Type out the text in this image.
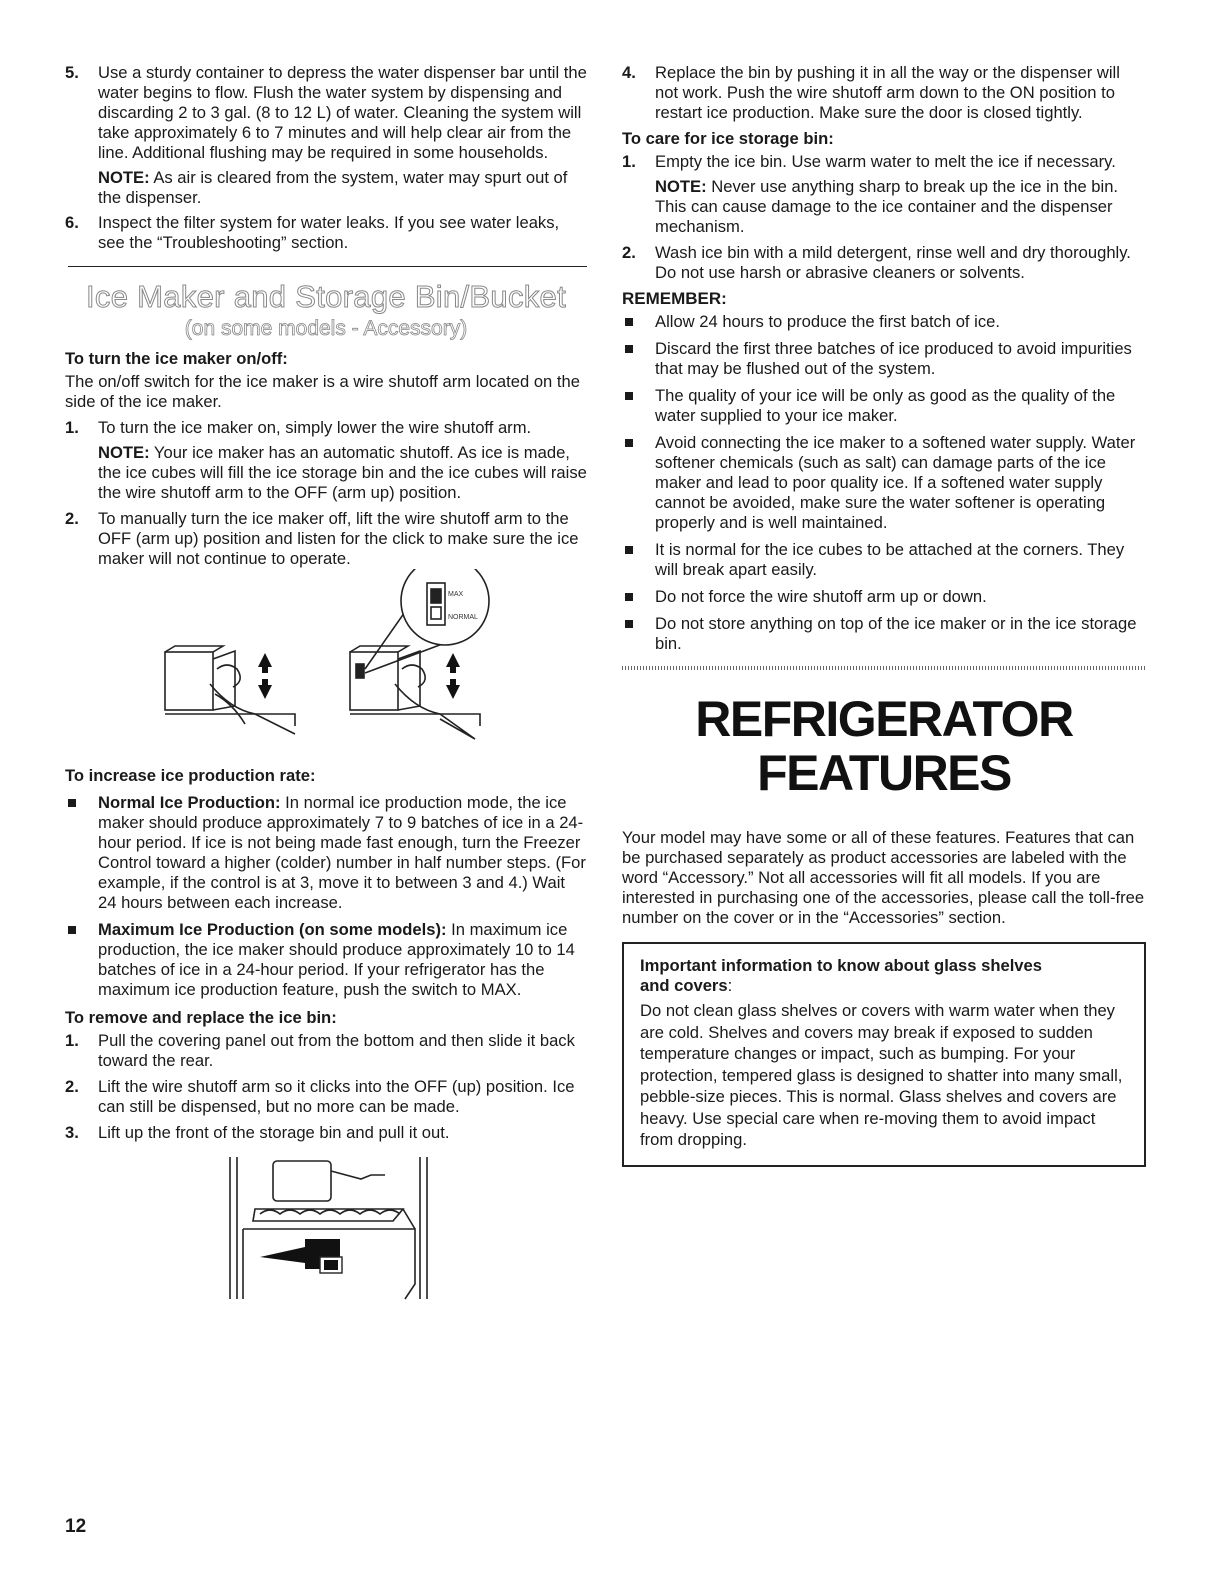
5. Use a sturdy container to depress the water dispenser bar until the water begins to flow. Flush the water system by dispensing and discarding 2 to 3 gal. (8 to 12 L) of water. Cleaning the system will take approximately 6 to 7 minutes and will help clear air from the line. Additional flushing may be required in some households.

NOTE: As air is cleared from the system, water may spurt out of the dispenser.

6. Inspect the filter system for water leaks. If you see water leaks, see the “Troubleshooting” section.

Ice Maker and Storage Bin/Bucket
(on some models - Accessory)

To turn the ice maker on/off:

The on/off switch for the ice maker is a wire shutoff arm located on the side of the ice maker.

1. To turn the ice maker on, simply lower the wire shutoff arm.

NOTE: Your ice maker has an automatic shutoff. As ice is made, the ice cubes will fill the ice storage bin and the ice cubes will raise the wire shutoff arm to the OFF (arm up) position.

2. To manually turn the ice maker off, lift the wire shutoff arm to the OFF (arm up) position and listen for the click to make sure the ice maker will not continue to operate.

MAX
NORMAL

To increase ice production rate:

Normal Ice Production: In normal ice production mode, the ice maker should produce approximately 7 to 9 batches of ice in a 24-hour period. If ice is not being made fast enough, turn the Freezer Control toward a higher (colder) number in half number steps. (For example, if the control is at 3, move it to between 3 and 4.) Wait 24 hours between each increase.

Maximum Ice Production (on some models): In maximum ice production, the ice maker should produce approximately 10 to 14 batches of ice in a 24-hour period. If your refrigerator has the maximum ice production feature, push the switch to MAX.

To remove and replace the ice bin:

1. Pull the covering panel out from the bottom and then slide it back toward the rear.

2. Lift the wire shutoff arm so it clicks into the OFF (up) position. Ice can still be dispensed, but no more can be made.

3. Lift up the front of the storage bin and pull it out.

4. Replace the bin by pushing it in all the way or the dispenser will not work. Push the wire shutoff arm down to the ON position to restart ice production. Make sure the door is closed tightly.

To care for ice storage bin:

1. Empty the ice bin. Use warm water to melt the ice if necessary.

NOTE: Never use anything sharp to break up the ice in the bin. This can cause damage to the ice container and the dispenser mechanism.

2. Wash ice bin with a mild detergent, rinse well and dry thoroughly. Do not use harsh or abrasive cleaners or solvents.

REMEMBER:

Allow 24 hours to produce the first batch of ice.
Discard the first three batches of ice produced to avoid impurities that may be flushed out of the system.
The quality of your ice will be only as good as the quality of the water supplied to your ice maker.
Avoid connecting the ice maker to a softened water supply. Water softener chemicals (such as salt) can damage parts of the ice maker and lead to poor quality ice. If a softened water supply cannot be avoided, make sure the water softener is operating properly and is well maintained.
It is normal for the ice cubes to be attached at the corners. They will break apart easily.
Do not force the wire shutoff arm up or down.
Do not store anything on top of the ice maker or in the ice storage bin.
REFRIGERATOR
FEATURES

Your model may have some or all of these features. Features that can be purchased separately as product accessories are labeled with the word “Accessory.” Not all accessories will fit all models. If you are interested in purchasing one of the accessories, please call the toll-free number on the cover or in the “Accessories” section.

Important information to know about glass shelves
and covers:

Do not clean glass shelves or covers with warm water when they are cold. Shelves and covers may break if exposed to sudden temperature changes or impact, such as bumping. For your protection, tempered glass is designed to shatter into many small, pebble-size pieces. This is normal. Glass shelves and covers are heavy. Use special care when re-moving them to avoid impact from dropping.

12
